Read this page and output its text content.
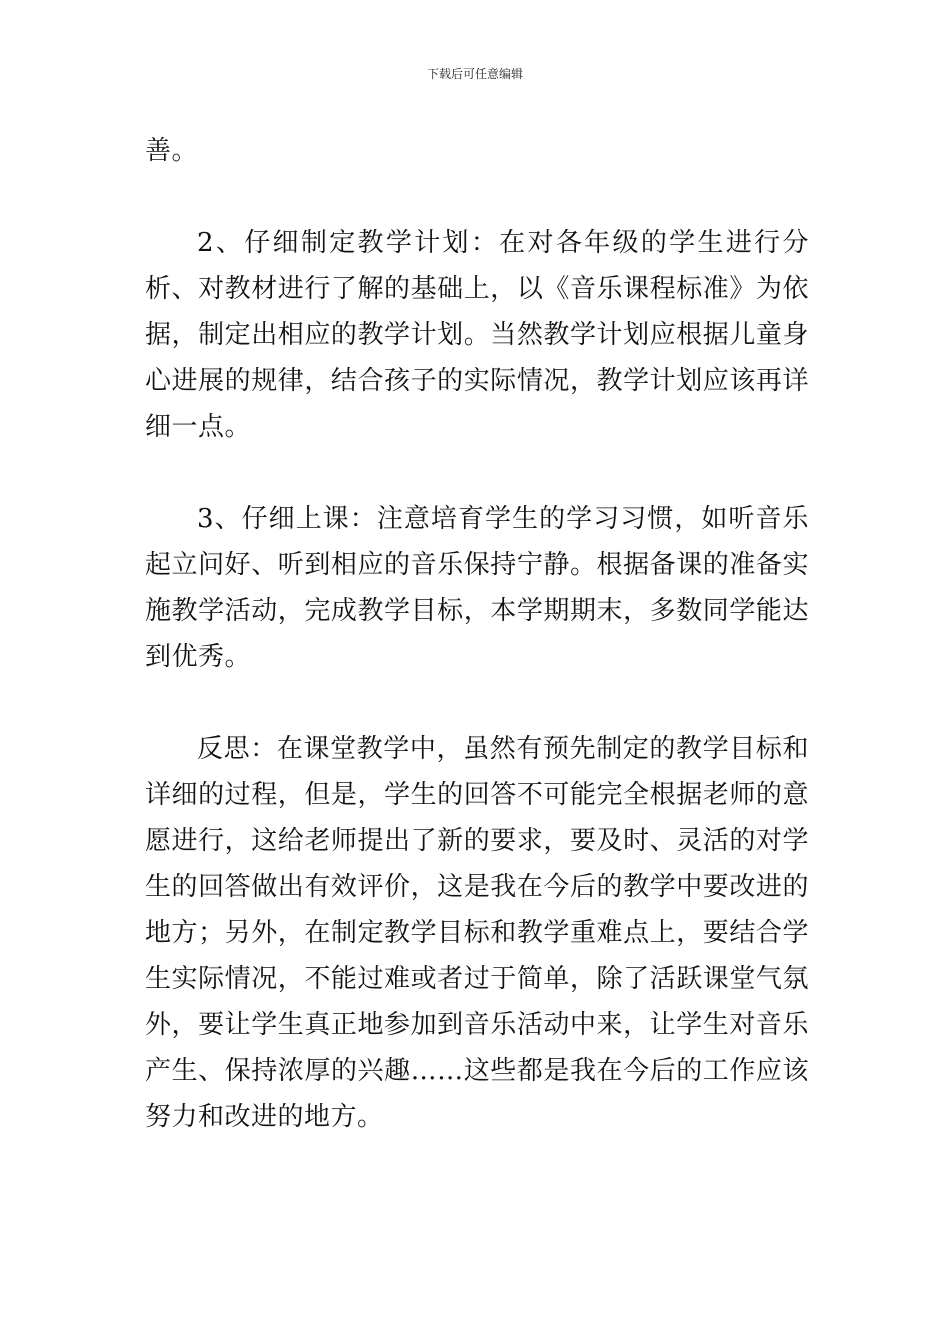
下载后可任意编辑

善。

2、仔细制定教学计划：在对各年级的学生进行分析、对教材进行了解的基础上，以《音乐课程标准》为依据，制定出相应的教学计划。当然教学计划应根据儿童身心进展的规律，结合孩子的实际情况，教学计划应该再详细一点。

3、仔细上课：注意培育学生的学习习惯，如听音乐起立问好、听到相应的音乐保持宁静。根据备课的准备实施教学活动，完成教学目标，本学期期末，多数同学能达到优秀。

反思：在课堂教学中，虽然有预先制定的教学目标和详细的过程，但是，学生的回答不可能完全根据老师的意愿进行，这给老师提出了新的要求，要及时、灵活的对学生的回答做出有效评价，这是我在今后的教学中要改进的地方；另外，在制定教学目标和教学重难点上，要结合学生实际情况，不能过难或者过于简单，除了活跃课堂气氛外，要让学生真正地参加到音乐活动中来，让学生对音乐产生、保持浓厚的兴趣……这些都是我在今后的工作应该努力和改进的地方。
